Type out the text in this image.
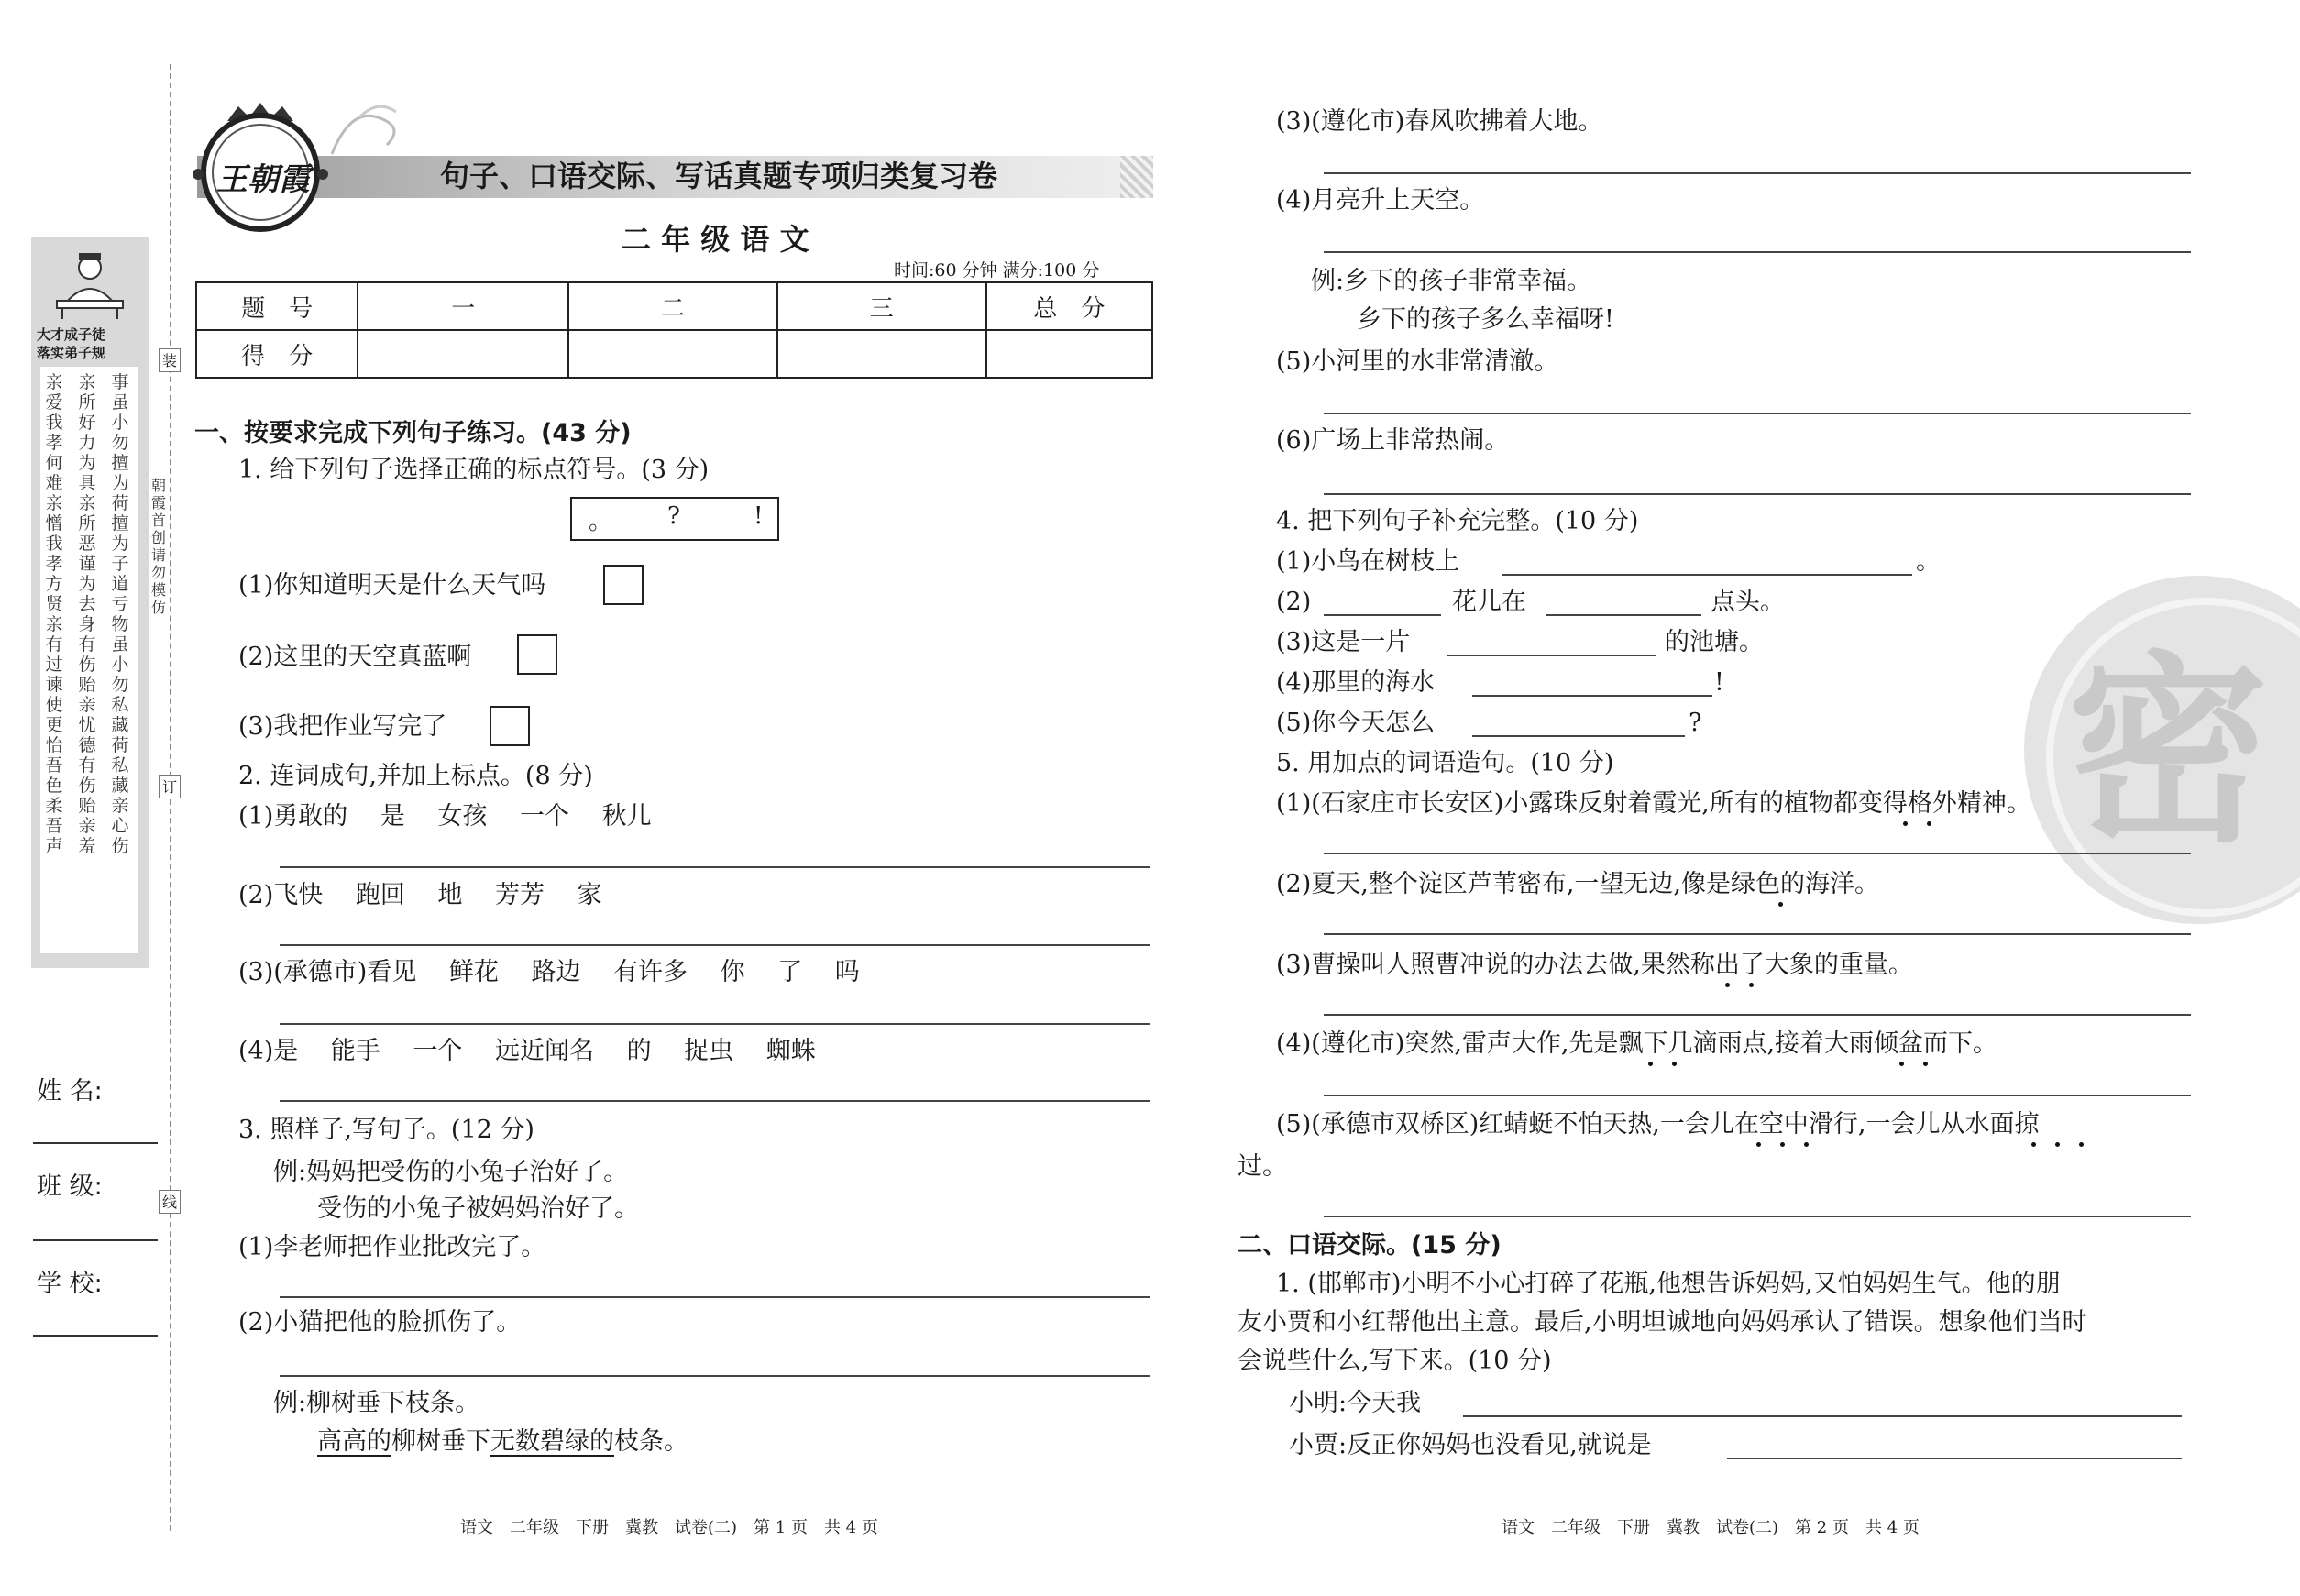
装
订
线
朝霞首创 请勿模仿
大才成子徒
落实弟子规
亲爱我孝何难亲憎我孝方贤亲有过谏使更怡吾色柔吾声
亲所好力为具亲所恶谨为去身有伤贻亲忧德有伤贻亲羞
事虽小勿擅为荷擅为子道亏物虽小勿私藏荷私藏亲心伤
姓 名:
班 级:
学 校:
句子、口语交际、写话真题专项归类复习卷
王朝霞
二 年 级 语 文
时间:60 分钟 满分:100 分
题　号	一	二	三	总　分
得　分				
一、按要求完成下列句子练习。(43 分)
1. 给下列句子选择正确的标点符号。(3 分)
。 ?	!
(1)你知道明天是什么天气吗
(2)这里的天空真蓝啊
(3)我把作业写完了
2. 连词成句,并加上标点。(8 分)
(1)勇敢的　 是 　女孩 　一个 　秋儿
(2)飞快 　跑回 　地 　芳芳 　家
(3)(承德市)看见 　鲜花 　路边 　有许多 　你 　了 　吗
(4)是 　能手 　一个 　远近闻名 　的 　捉虫 　蜘蛛
3. 照样子,写句子。(12 分)
例:妈妈把受伤的小兔子治好了。
受伤的小兔子被妈妈治好了。
(1)李老师把作业批改完了。
(2)小猫把他的脸抓伤了。
例:柳树垂下枝条。
高高的柳树垂下无数碧绿的枝条。
语文　二年级　下册　冀教　试卷(二)　第 1 页　共 4 页
密
(3)(遵化市)春风吹拂着大地。
(4)月亮升上天空。
例:乡下的孩子非常幸福。
乡下的孩子多么幸福呀!
(5)小河里的水非常清澈。
(6)广场上非常热闹。
4. 把下列句子补充完整。(10 分)
(1)小鸟在树枝上	。
(2)	花儿在	点头。
(3)这是一片	的池塘。
(4)那里的海水	!
(5)你今天怎么	?
5. 用加点的词语造句。(10 分)
(1)(石家庄市长安区)小露珠反射着霞光,所有的植物都变得格外精神。
(2)夏天,整个淀区芦苇密布,一望无边,像是绿色的海洋。
(3)曹操叫人照曹冲说的办法去做,果然称出了大象的重量。
(4)(遵化市)突然,雷声大作,先是飘下几滴雨点,接着大雨倾盆而下。
(5)(承德市双桥区)红蜻蜓不怕天热,一会儿在空中滑行,一会儿从水面掠
过。
二、口语交际。(15 分)
1. (邯郸市)小明不小心打碎了花瓶,他想告诉妈妈,又怕妈妈生气。他的朋
友小贾和小红帮他出主意。最后,小明坦诚地向妈妈承认了错误。想象他们当时
会说些什么,写下来。(10 分)
小明:今天我
小贾:反正你妈妈也没看见,就说是
语文　二年级　下册　冀教　试卷(二)　第 2 页　共 4 页
